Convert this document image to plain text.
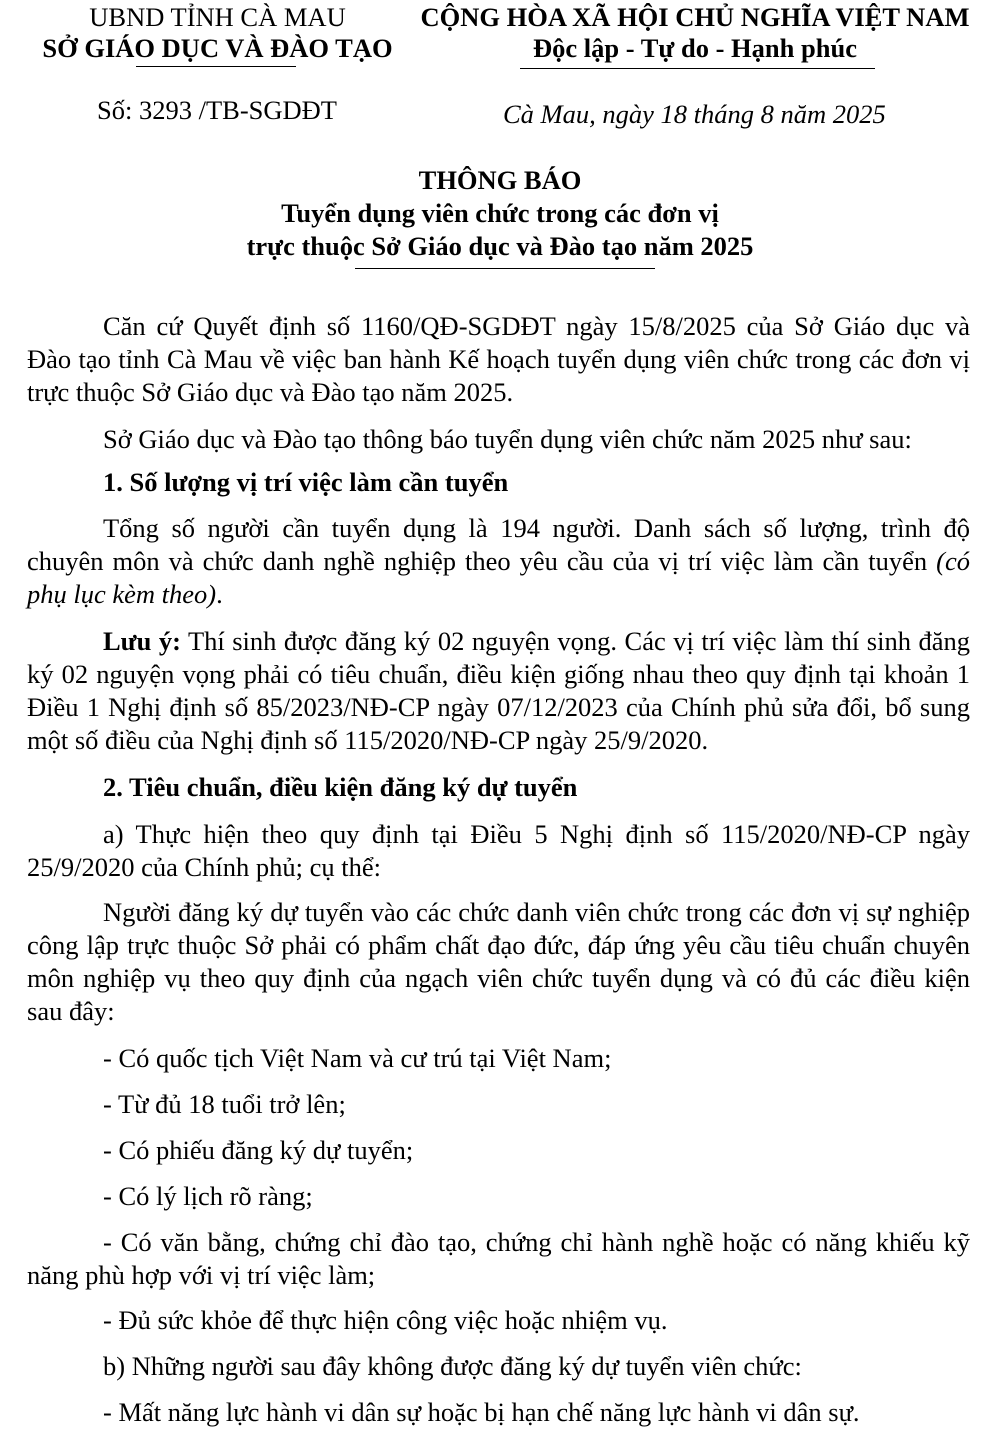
UBND TỈNH CÀ MAU
SỞ GIÁO DỤC VÀ ĐÀO TẠO
CỘNG HÒA XÃ HỘI CHỦ NGHĨA VIỆT NAM
Độc lập - Tự do - Hạnh phúc
Số: 3293 /TB-SGDĐT	Cà Mau, ngày 18 tháng 8 năm 2025
THÔNG BÁO
Tuyển dụng viên chức trong các đơn vị
trực thuộc Sở Giáo dục và Đào tạo năm 2025

Căn cứ Quyết định số 1160/QĐ-SGDĐT ngày 15/8/2025 của Sở Giáo dục và Đào tạo tỉnh Cà Mau về việc ban hành Kế hoạch tuyển dụng viên chức trong các đơn vị trực thuộc Sở Giáo dục và Đào tạo năm 2025.

Sở Giáo dục và Đào tạo thông báo tuyển dụng viên chức năm 2025 như sau:

1. Số lượng vị trí việc làm cần tuyển

Tổng số người cần tuyển dụng là 194 người. Danh sách số lượng, trình độ chuyên môn và chức danh nghề nghiệp theo yêu cầu của vị trí việc làm cần tuyển (có phụ lục kèm theo).

Lưu ý: Thí sinh được đăng ký 02 nguyện vọng. Các vị trí việc làm thí sinh đăng ký 02 nguyện vọng phải có tiêu chuẩn, điều kiện giống nhau theo quy định tại khoản 1 Điều 1 Nghị định số 85/2023/NĐ-CP ngày 07/12/2023 của Chính phủ sửa đổi, bổ sung một số điều của Nghị định số 115/2020/NĐ-CP ngày 25/9/2020.

2. Tiêu chuẩn, điều kiện đăng ký dự tuyển

a) Thực hiện theo quy định tại Điều 5 Nghị định số 115/2020/NĐ-CP ngày 25/9/2020 của Chính phủ; cụ thể:

Người đăng ký dự tuyển vào các chức danh viên chức trong các đơn vị sự nghiệp công lập trực thuộc Sở phải có phẩm chất đạo đức, đáp ứng yêu cầu tiêu chuẩn chuyên môn nghiệp vụ theo quy định của ngạch viên chức tuyển dụng và có đủ các điều kiện sau đây:

- Có quốc tịch Việt Nam và cư trú tại Việt Nam;
- Từ đủ 18 tuổi trở lên;
- Có phiếu đăng ký dự tuyển;
- Có lý lịch rõ ràng;

- Có văn bằng, chứng chỉ đào tạo, chứng chỉ hành nghề hoặc có năng khiếu kỹ năng phù hợp với vị trí việc làm;

- Đủ sức khỏe để thực hiện công việc hoặc nhiệm vụ.

b) Những người sau đây không được đăng ký dự tuyển viên chức:

- Mất năng lực hành vi dân sự hoặc bị hạn chế năng lực hành vi dân sự.
